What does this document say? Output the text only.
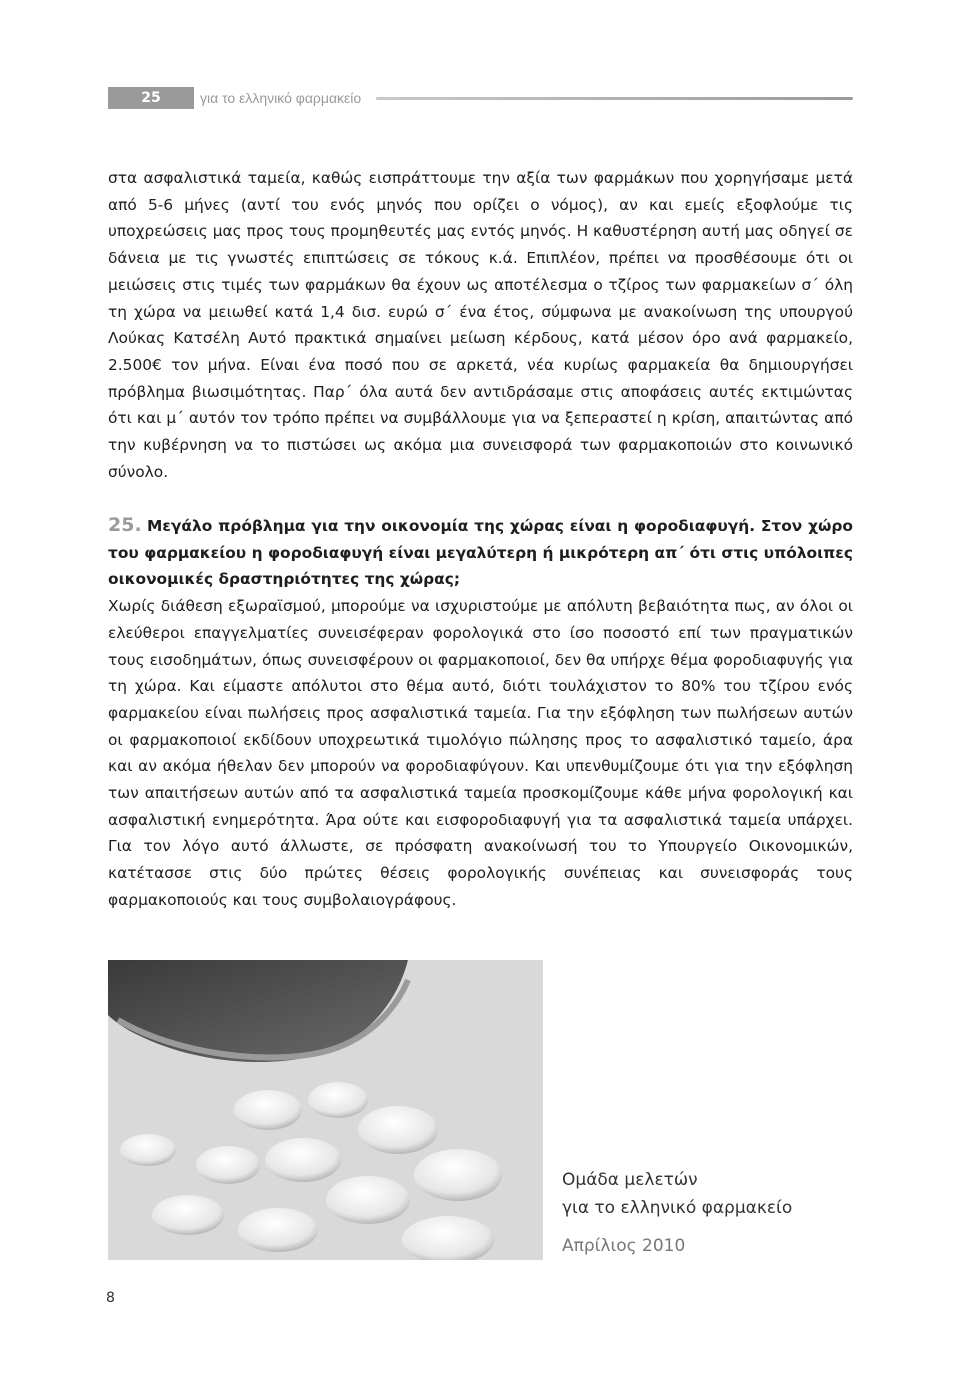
25 αλήθειες
για το ελληνικό φαρμακείο
στα ασφαλιστικά ταμεία, καθώς εισπράττουμε την αξία των φαρμάκων που χορηγήσαμε μετά από 5-6 μήνες (αντί του ενός μηνός που ορίζει ο νόμος), αν και εμείς εξοφλούμε τις υποχρεώσεις μας προς τους προμηθευτές μας εντός μηνός. Η καθυστέρηση αυτή μας οδηγεί σε δάνεια με τις γνωστές επιπτώσεις σε τόκους κ.ά. Επιπλέον, πρέπει να προσθέσουμε ότι οι μειώσεις στις τιμές των φαρμάκων θα έχουν ως αποτέλεσμα ο τζίρος των φαρμακείων σ΄ όλη τη χώρα να μειωθεί κατά 1,4 δισ. ευρώ σ΄ ένα έτος, σύμφωνα με ανακοίνωση της υπουργού Λούκας Κατσέλη Αυτό πρακτικά σημαίνει μείωση κέρδους, κατά μέσον όρο ανά φαρμακείο, 2.500€ τον μήνα. Είναι ένα ποσό που σε αρκετά, νέα κυρίως φαρμακεία θα δημιουργήσει πρόβλημα βιωσιμότητας. Παρ΄ όλα αυτά δεν αντιδράσαμε στις αποφάσεις αυτές εκτιμώντας ότι και μ΄ αυτόν τον τρόπο πρέπει να συμβάλλουμε για να ξεπεραστεί η κρίση, απαιτώντας από την κυβέρνηση να το πιστώσει ως ακόμα μια συνεισφορά των φαρμακοποιών στο κοινωνικό σύνολο.
25. Μεγάλο πρόβλημα για την οικονομία της χώρας είναι η φοροδιαφυγή. Στον χώρο του φαρμακείου η φοροδιαφυγή είναι μεγαλύτερη ή μικρότερη απ΄ ότι στις υπόλοιπες οικονομικές δραστηριότητες της χώρας;
Χωρίς διάθεση εξωραϊσμού, μπορούμε να ισχυριστούμε με απόλυτη βεβαιότητα πως, αν όλοι οι ελεύθεροι επαγγελματίες συνεισέφεραν φορολογικά στο ίσο ποσοστό επί των πραγματικών τους εισοδημάτων, όπως συνεισφέρουν οι φαρμακοποιοί, δεν θα υπήρχε θέμα φοροδιαφυγής για τη χώρα. Και είμαστε απόλυτοι στο θέμα αυτό, διότι τουλάχιστον το 80% του τζίρου ενός φαρμακείου είναι πωλήσεις προς ασφαλιστικά ταμεία. Για την εξόφληση των πωλήσεων αυτών οι φαρμακοποιοί εκδίδουν υποχρεωτικά τιμολόγιο πώλησης προς το ασφαλιστικό ταμείο, άρα και αν ακόμα ήθελαν δεν μπορούν να φοροδιαφύγουν. Και υπενθυμίζουμε ότι για την εξόφληση των απαιτήσεων αυτών από τα ασφαλιστικά ταμεία προσκομίζουμε κάθε μήνα φορολογική και ασφαλιστική ενημερότητα. Άρα ούτε και εισφοροδιαφυγή για τα ασφαλιστικά ταμεία υπάρχει. Για τον λόγο αυτό άλλωστε, σε πρόσφατη ανακοίνωσή του το Υπουργείο Οικονομικών, κατέτασσε στις δύο πρώτες θέσεις φορολογικής συνέπειας και συνεισφοράς τους φαρμακοποιούς και τους συμβολαιογράφους.
Ομάδα μελετών
για το ελληνικό φαρμακείο
Απρίλιος 2010
8
